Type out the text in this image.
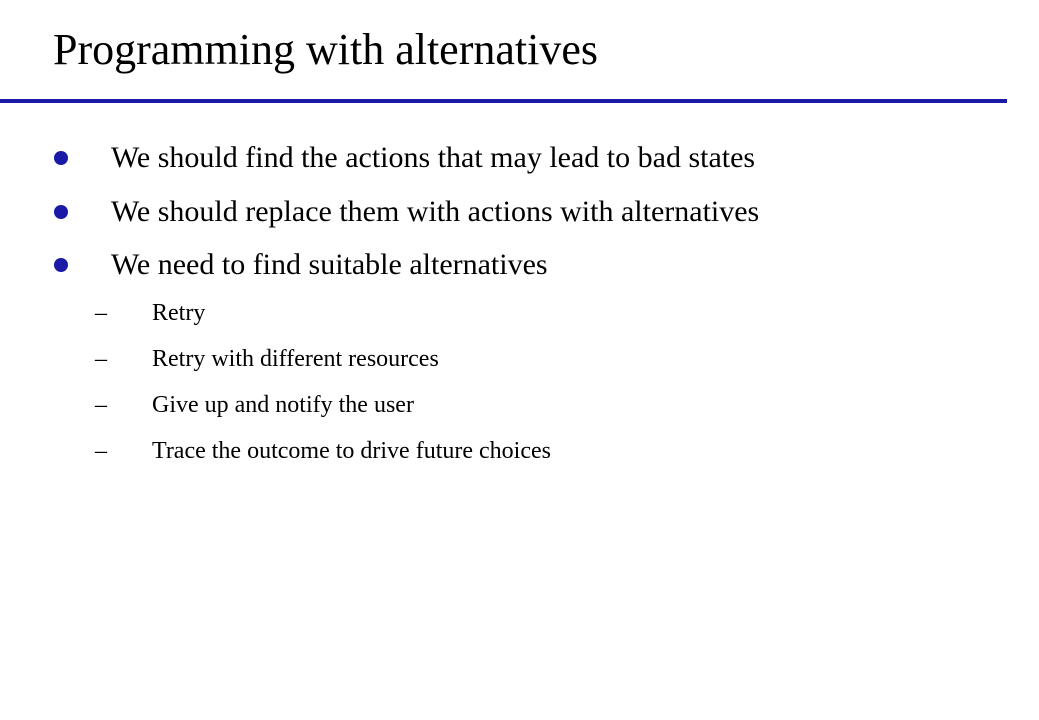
Programming with alternatives
We should find the actions that may lead to bad states
We should replace them with actions with alternatives
We need to find suitable alternatives
– Retry
– Retry with different resources
– Give up and notify the user
– Trace the outcome to drive future choices
